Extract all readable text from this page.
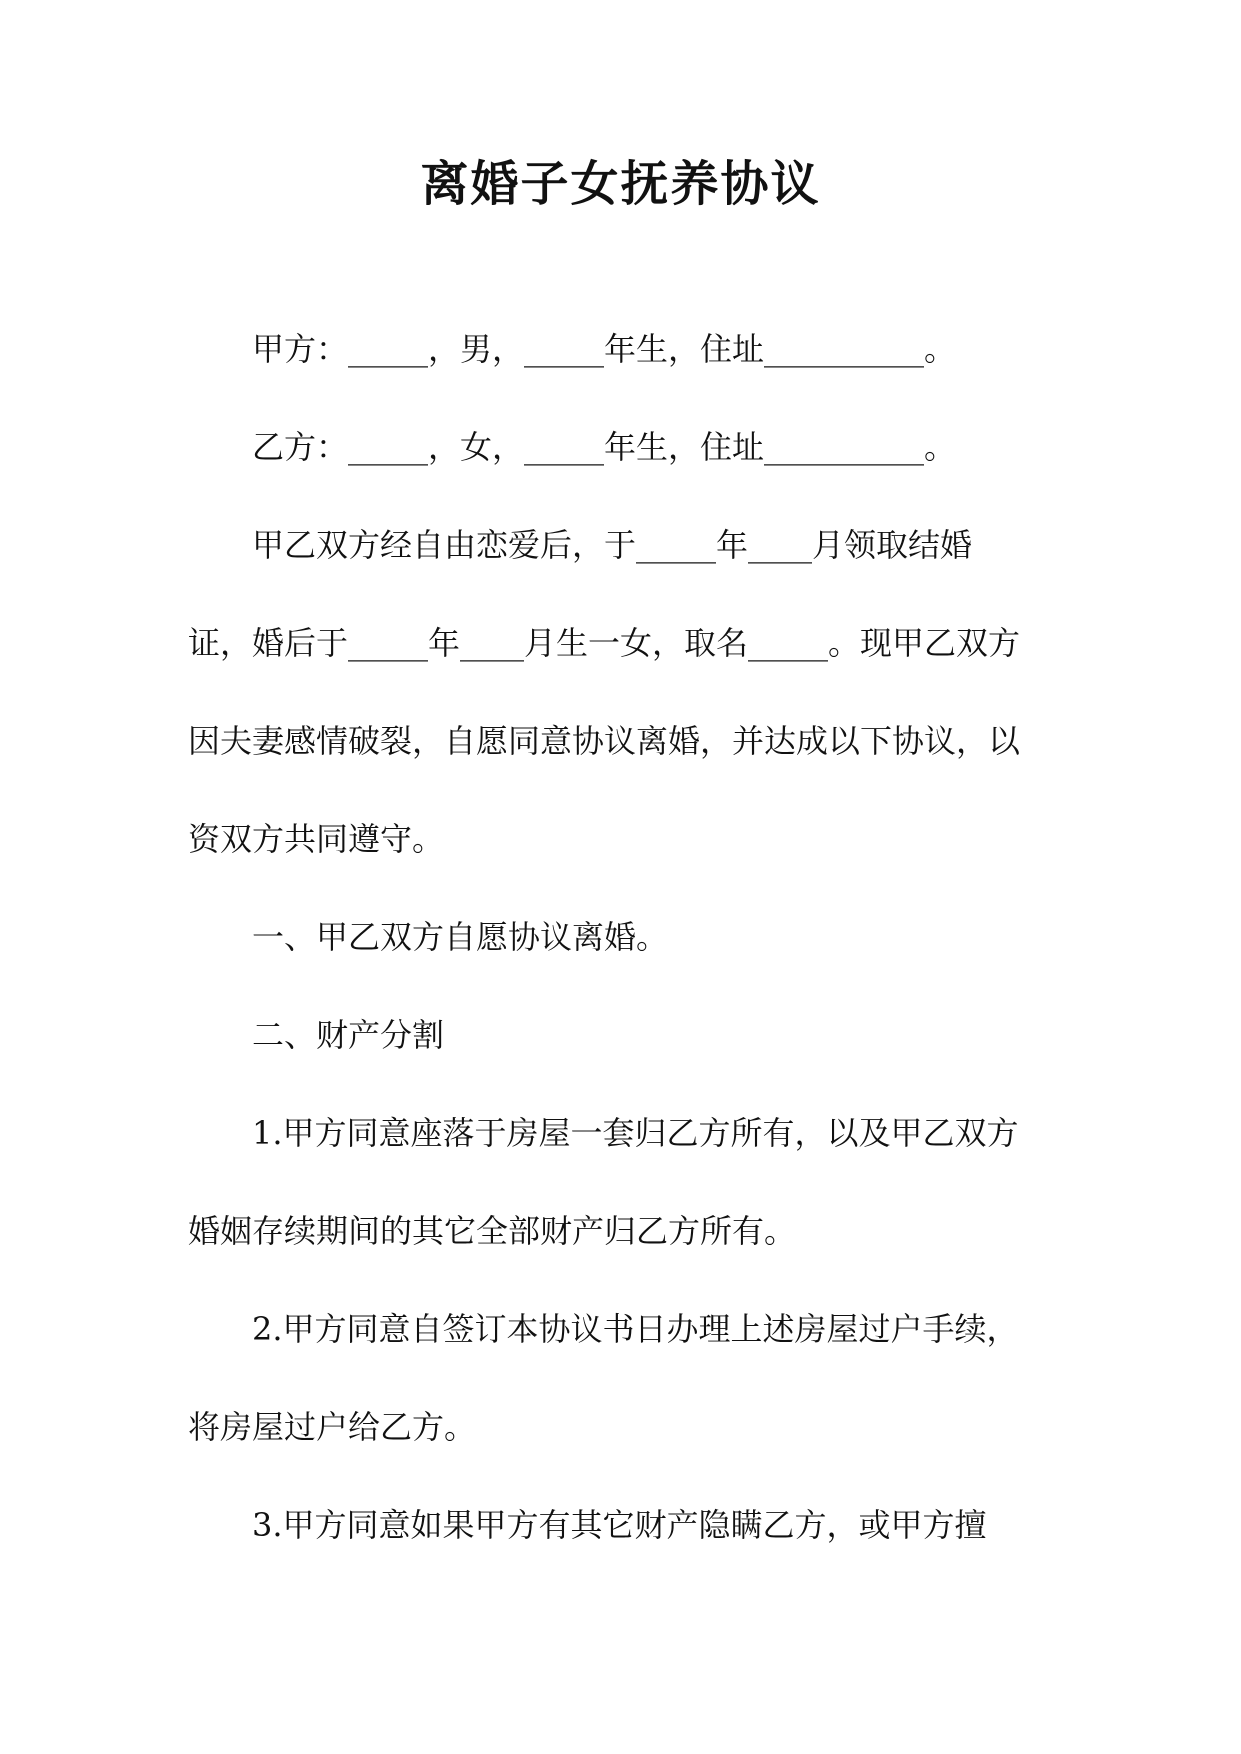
离婚子女抚养协议

甲方：_____，男，_____年生，住址__________。

乙方：_____，女，_____年生，住址__________。

甲乙双方经自由恋爱后，于_____年____月领取结婚证，婚后于_____年____月生一女，取名_____。现甲乙双方因夫妻感情破裂，自愿同意协议离婚，并达成以下协议，以资双方共同遵守。

一、甲乙双方自愿协议离婚。

二、财产分割

1.甲方同意座落于房屋一套归乙方所有，以及甲乙双方婚姻存续期间的其它全部财产归乙方所有。

2.甲方同意自签订本协议书日办理上述房屋过户手续，将房屋过户给乙方。

3.甲方同意如果甲方有其它财产隐瞒乙方，或甲方擅
